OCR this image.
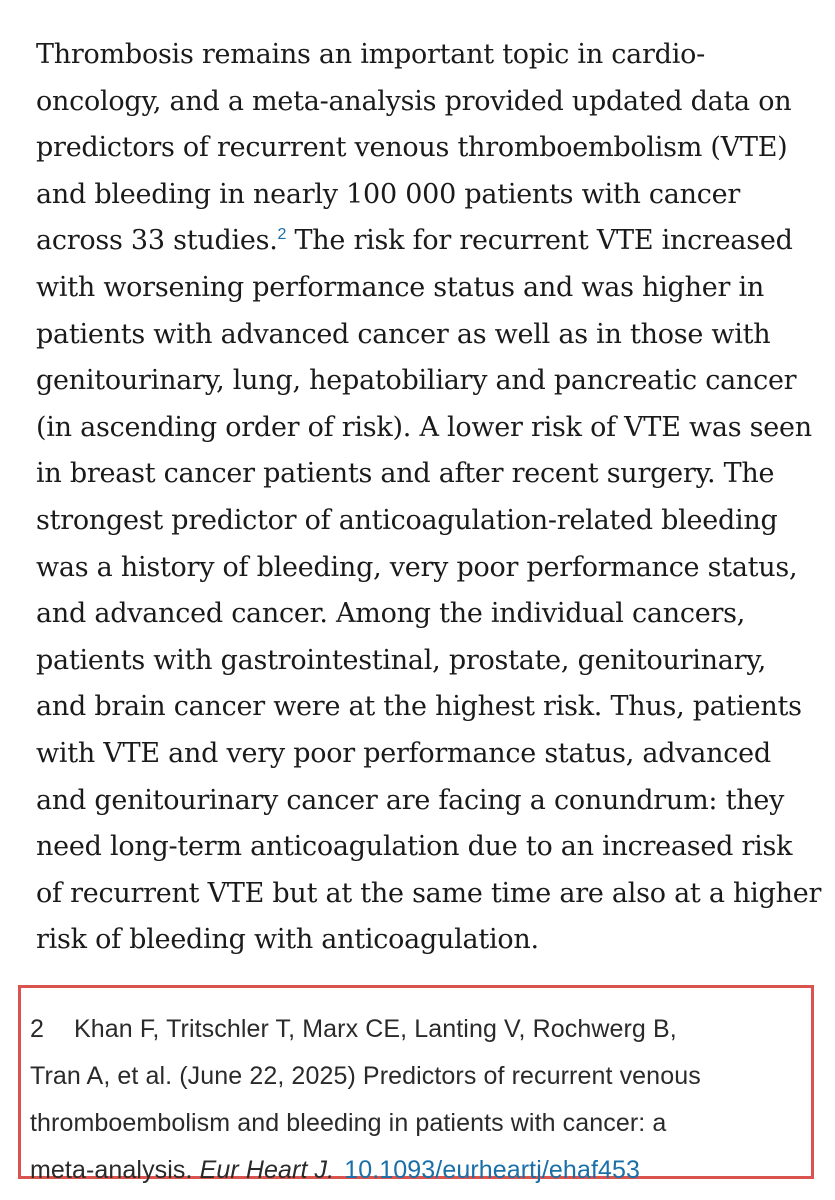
Thrombosis remains an important topic in cardio-
oncology, and a meta-analysis provided updated data on
predictors of recurrent venous thromboembolism (VTE)
and bleeding in nearly 100 000 patients with cancer
across 33 studies.$^2$ The risk for recurrent VTE increased
with worsening performance status and was higher in
patients with advanced cancer as well as in those with
genitourinary, lung, hepatobiliary and pancreatic cancer
(in ascending order of risk). A lower risk of VTE was seen
in breast cancer patients and after recent surgery. The
strongest predictor of anticoagulation-related bleeding
was a history of bleeding, very poor performance status,
and advanced cancer. Among the individual cancers,
patients with gastrointestinal, prostate, genitourinary,
and brain cancer were at the highest risk. Thus, patients
with VTE and very poor performance status, advanced
and genitourinary cancer are facing a conundrum: they
need long-term anticoagulation due to an increased risk
of recurrent VTE but at the same time are also at a higher
risk of bleeding with anticoagulation.
2 Khan F, Tritschler T, Marx CE, Lanting V, Rochwerg B,
Tran A, et al. (June 22, 2025) Predictors of recurrent venous
thromboembolism and bleeding in patients with cancer: a
meta-analysis. Eur Heart J. 10.1093/eurheartj/ehaf453
